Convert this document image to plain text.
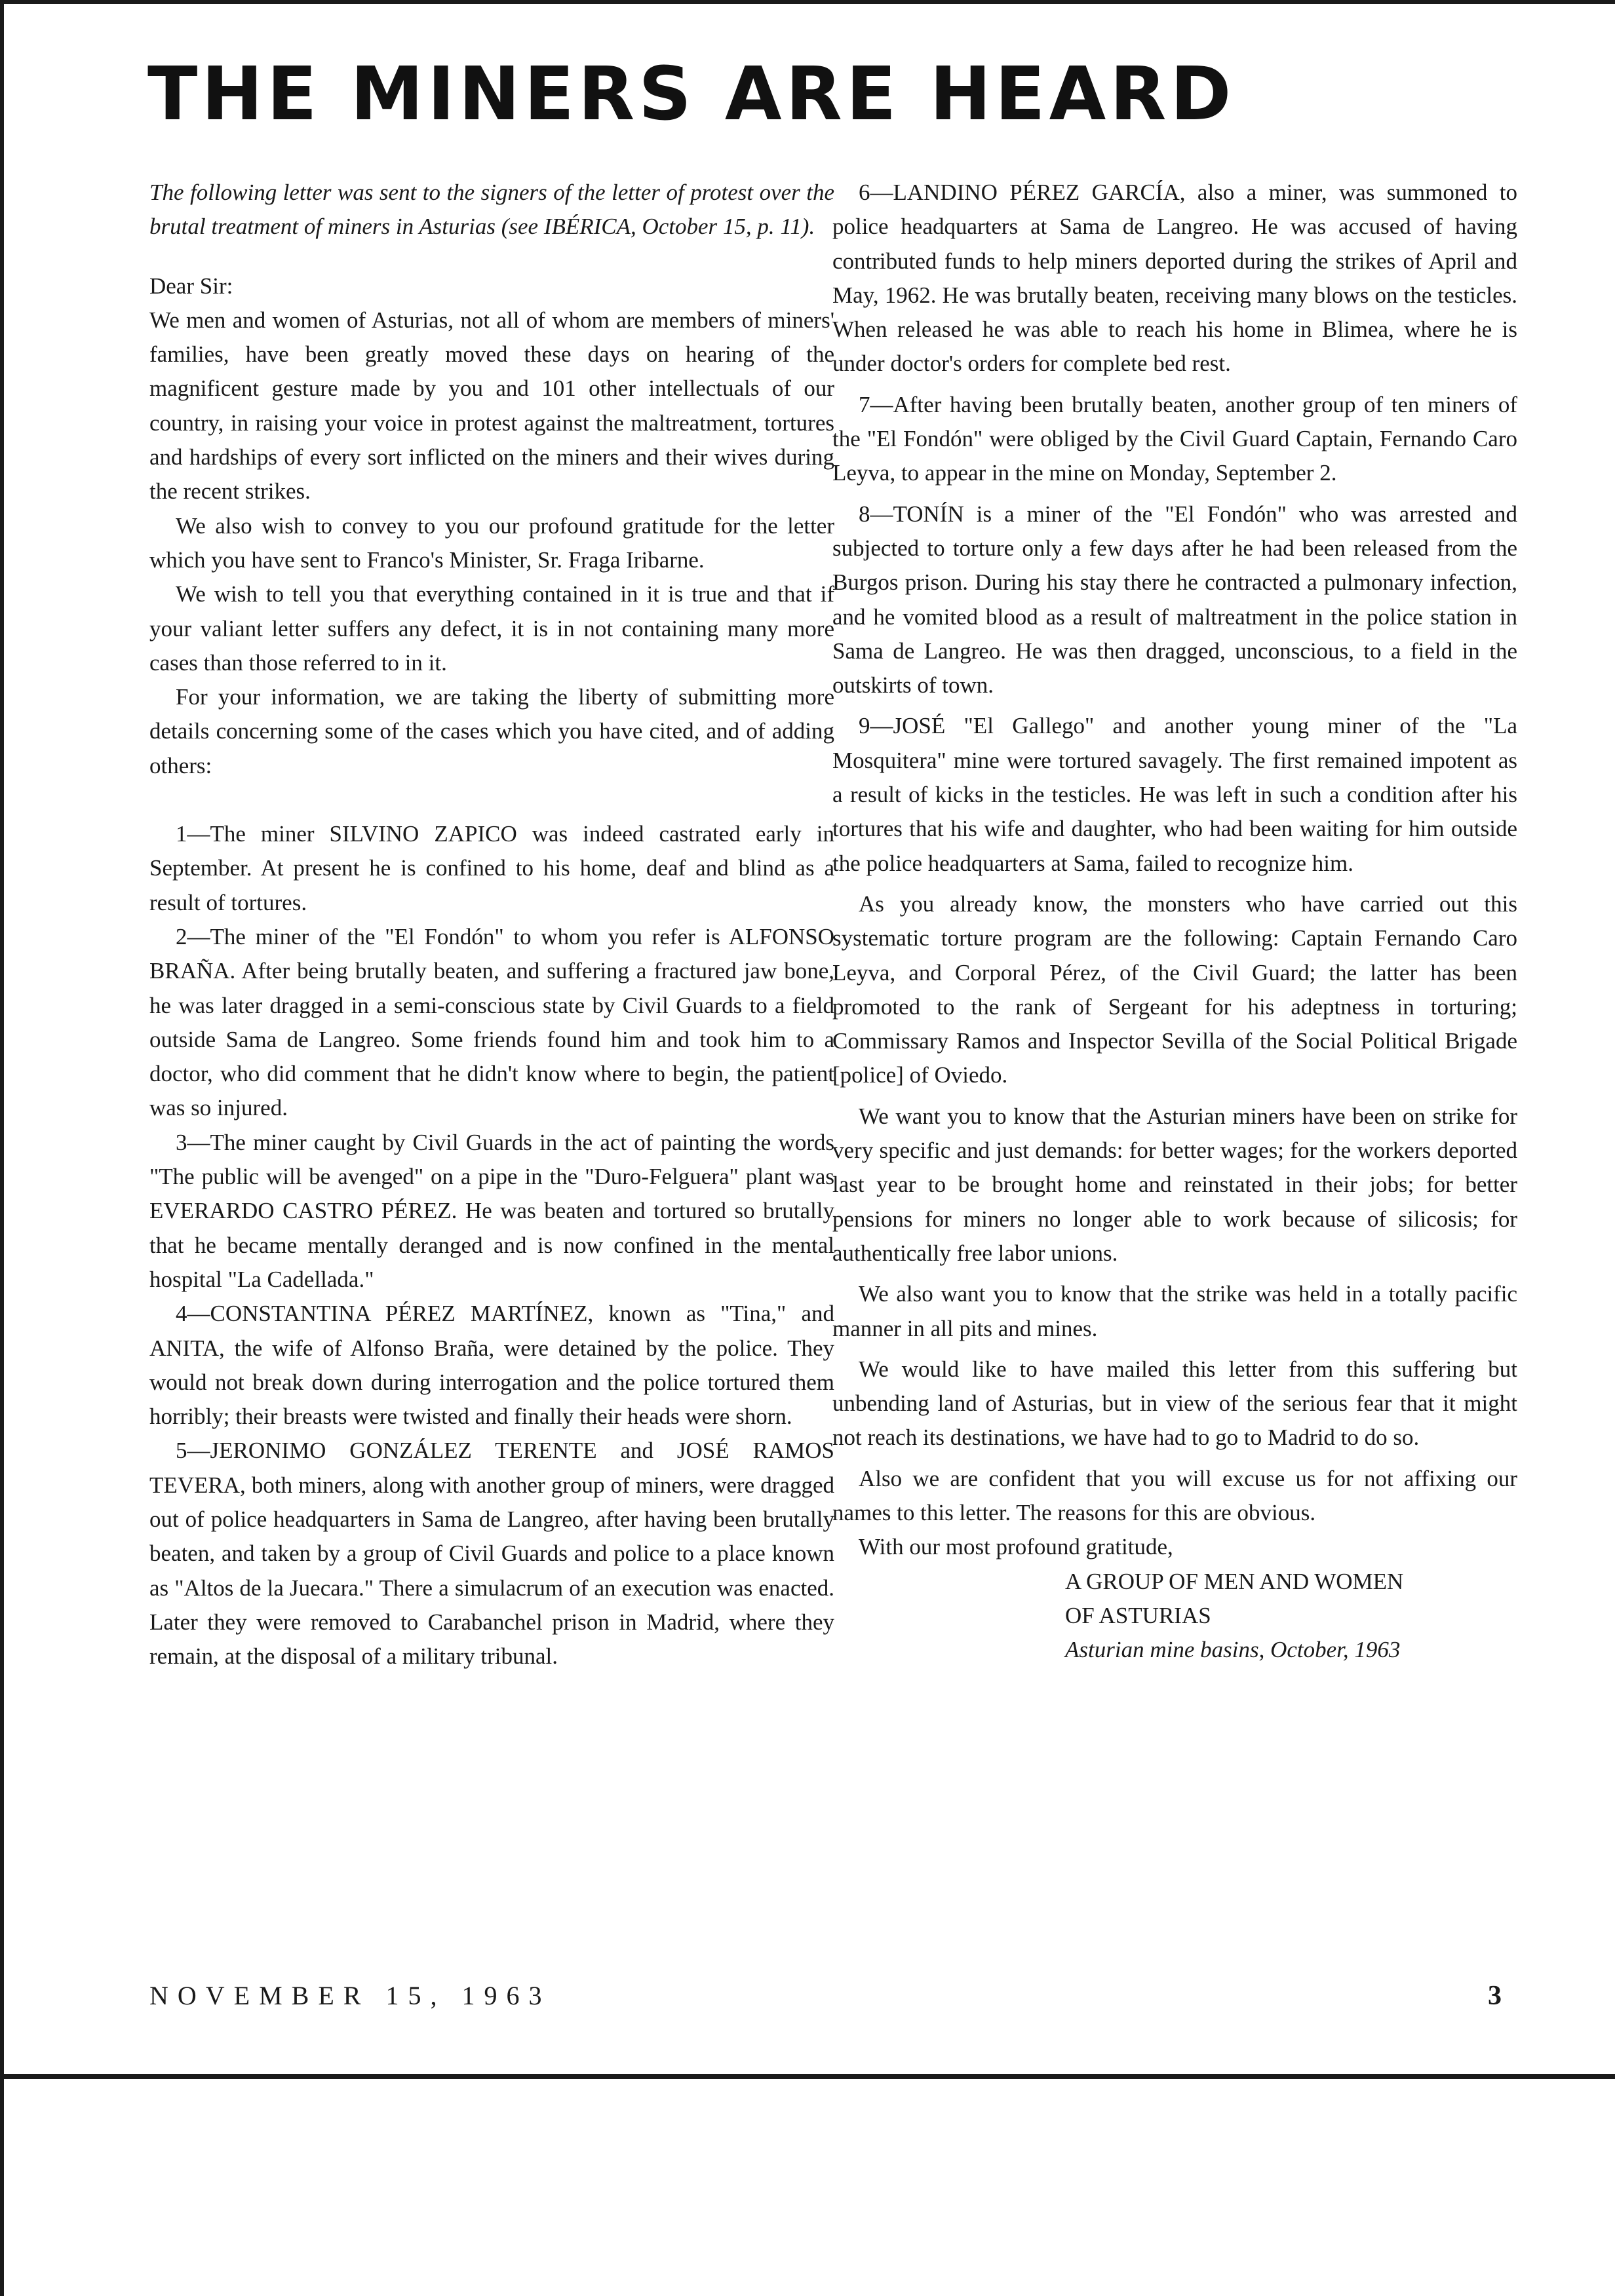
THE MINERS ARE HEARD

The following letter was sent to the signers of the letter of protest over the brutal treatment of miners in Asturias (see IBÉRICA, October 15, p. 11).

Dear Sir:

We men and women of Asturias, not all of whom are members of miners' families, have been greatly moved these days on hearing of the magnificent gesture made by you and 101 other intellectuals of our country, in raising your voice in protest against the maltreatment, tortures and hardships of every sort inflicted on the miners and their wives during the recent strikes.

We also wish to convey to you our profound gratitude for the letter which you have sent to Franco's Minister, Sr. Fraga Iribarne.

We wish to tell you that everything contained in it is true and that if your valiant letter suffers any defect, it is in not containing many more cases than those referred to in it.

For your information, we are taking the liberty of submitting more details concerning some of the cases which you have cited, and of adding others:

1—The miner SILVINO ZAPICO was indeed castrated early in September. At present he is confined to his home, deaf and blind as a result of tortures.

2—The miner of the "El Fondón" to whom you refer is ALFONSO BRAÑA. After being brutally beaten, and suffering a fractured jaw bone, he was later dragged in a semi-conscious state by Civil Guards to a field outside Sama de Langreo. Some friends found him and took him to a doctor, who did comment that he didn't know where to begin, the patient was so injured.

3—The miner caught by Civil Guards in the act of painting the words "The public will be avenged" on a pipe in the "Duro-Felguera" plant was EVERARDO CASTRO PÉREZ. He was beaten and tortured so brutally that he became mentally deranged and is now confined in the mental hospital "La Cadellada."

4—CONSTANTINA PÉREZ MARTÍNEZ, known as "Tina," and ANITA, the wife of Alfonso Braña, were detained by the police. They would not break down during interrogation and the police tortured them horribly; their breasts were twisted and finally their heads were shorn.

5—JERONIMO GONZÁLEZ TERENTE and JOSÉ RAMOS TEVERA, both miners, along with another group of miners, were dragged out of police headquarters in Sama de Langreo, after having been brutally beaten, and taken by a group of Civil Guards and police to a place known as "Altos de la Juecara." There a simulacrum of an execution was enacted. Later they were removed to Carabanchel prison in Madrid, where they remain, at the disposal of a military tribunal.

6—LANDINO PÉREZ GARCÍA, also a miner, was summoned to police headquarters at Sama de Langreo. He was accused of having contributed funds to help miners deported during the strikes of April and May, 1962. He was brutally beaten, receiving many blows on the testicles. When released he was able to reach his home in Blimea, where he is under doctor's orders for complete bed rest.

7—After having been brutally beaten, another group of ten miners of the "El Fondón" were obliged by the Civil Guard Captain, Fernando Caro Leyva, to appear in the mine on Monday, September 2.

8—TONÍN is a miner of the "El Fondón" who was arrested and subjected to torture only a few days after he had been released from the Burgos prison. During his stay there he contracted a pulmonary infection, and he vomited blood as a result of maltreatment in the police station in Sama de Langreo. He was then dragged, unconscious, to a field in the outskirts of town.

9—JOSÉ "El Gallego" and another young miner of the "La Mosquitera" mine were tortured savagely. The first remained impotent as a result of kicks in the testicles. He was left in such a condition after his tortures that his wife and daughter, who had been waiting for him outside the police headquarters at Sama, failed to recognize him.

As you already know, the monsters who have carried out this systematic torture program are the following: Captain Fernando Caro Leyva, and Corporal Pérez, of the Civil Guard; the latter has been promoted to the rank of Sergeant for his adeptness in torturing; Commissary Ramos and Inspector Sevilla of the Social Political Brigade [police] of Oviedo.

We want you to know that the Asturian miners have been on strike for very specific and just demands: for better wages; for the workers deported last year to be brought home and reinstated in their jobs; for better pensions for miners no longer able to work because of silicosis; for authentically free labor unions.

We also want you to know that the strike was held in a totally pacific manner in all pits and mines.

We would like to have mailed this letter from this suffering but unbending land of Asturias, but in view of the serious fear that it might not reach its destinations, we have had to go to Madrid to do so.

Also we are confident that you will excuse us for not affixing our names to this letter. The reasons for this are obvious.

With our most profound gratitude,

A GROUP OF MEN AND WOMEN

OF ASTURIAS

Asturian mine basins, October, 1963

NOVEMBER 15, 1963	3
